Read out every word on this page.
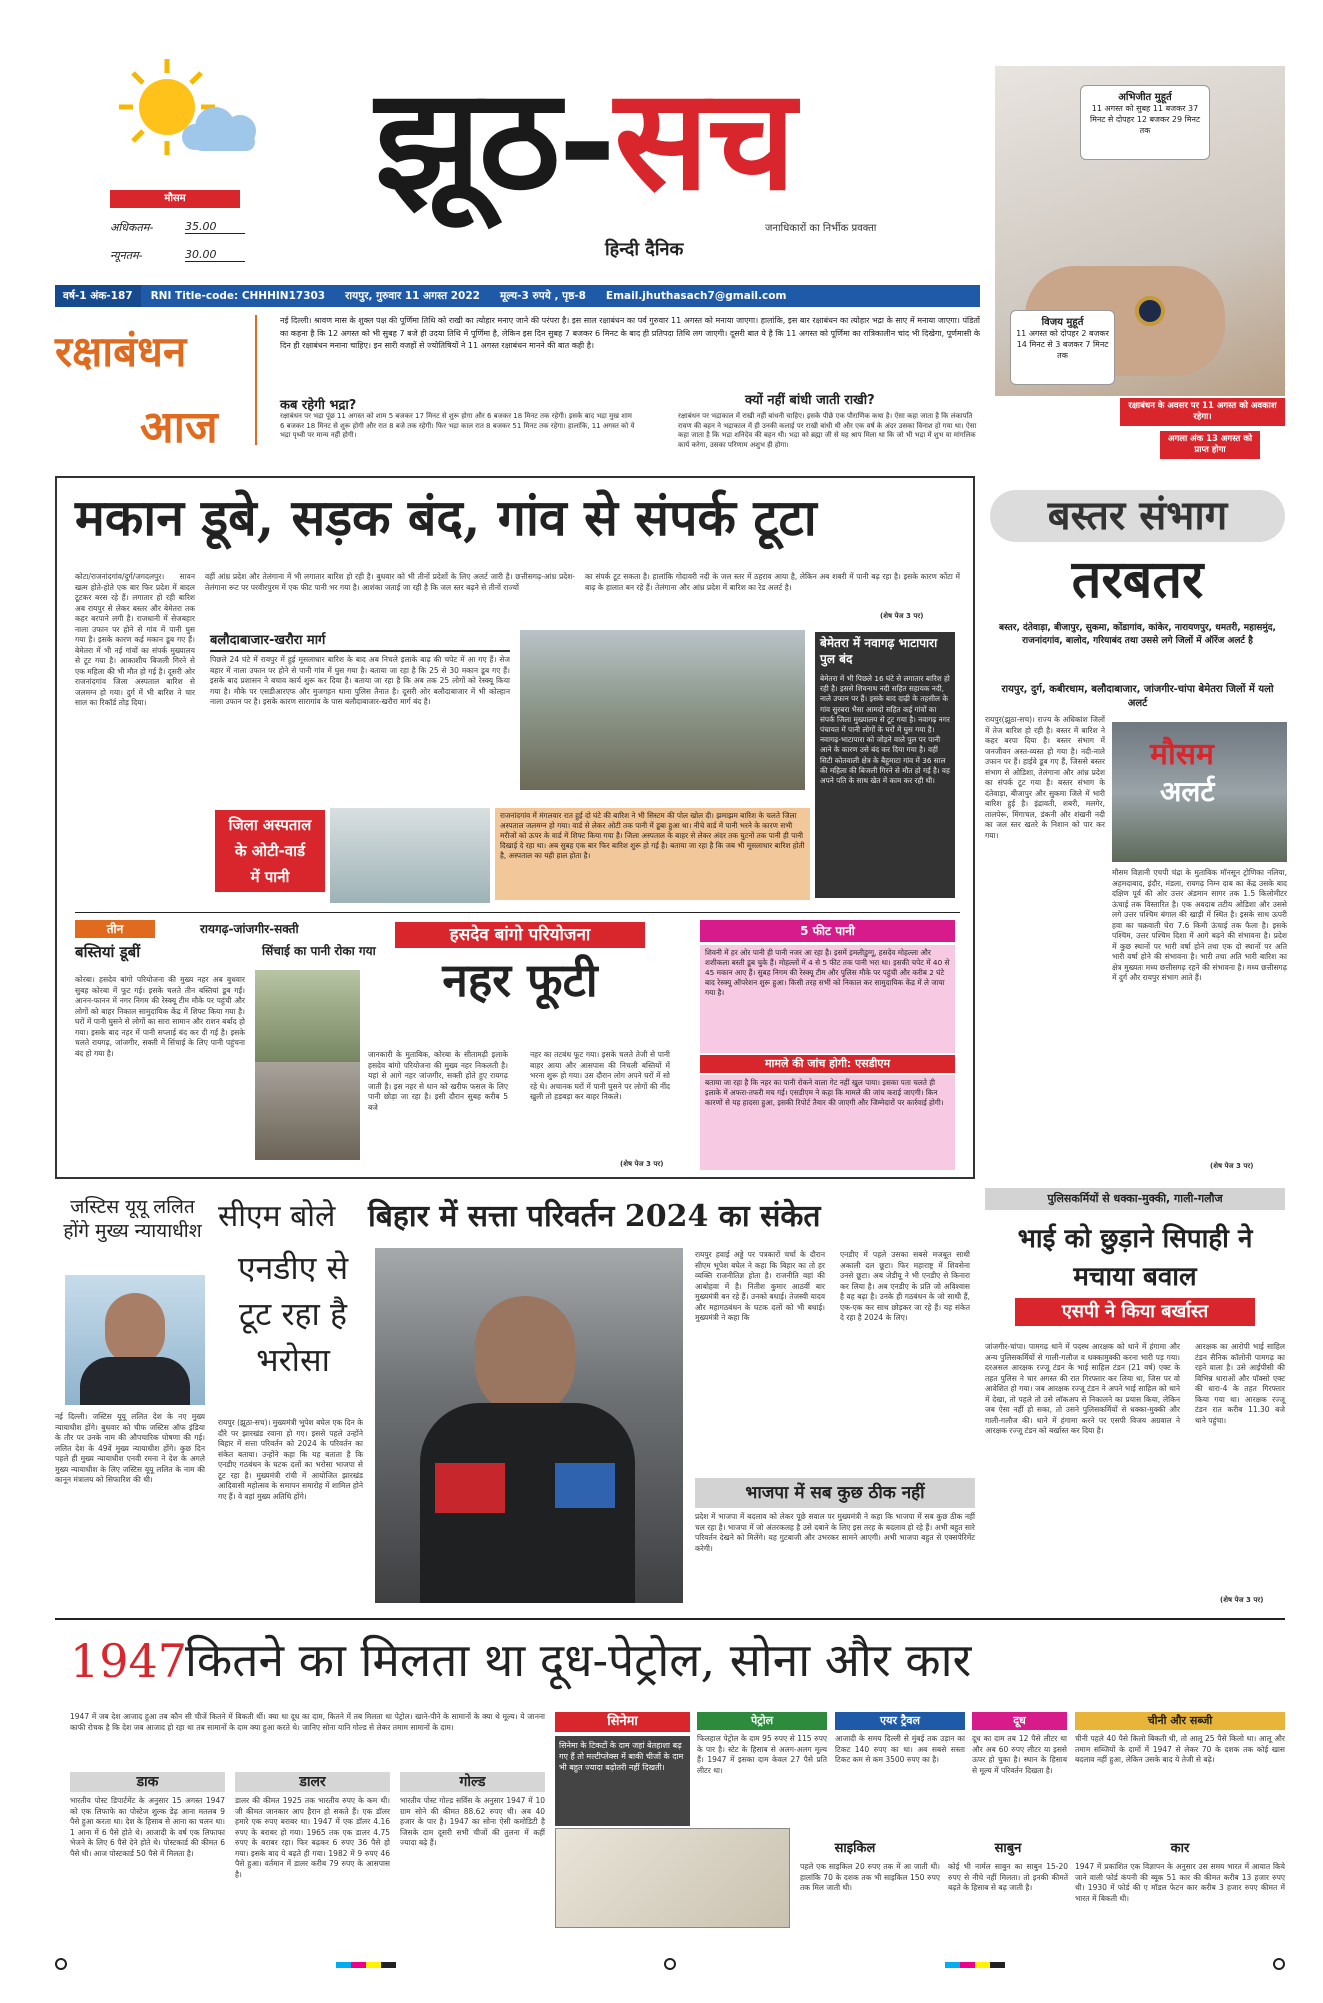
मौसम
अधिकतम-	35.00
न्यूनतम-	30.00
झूठ-सच
हिन्दी दैनिक
जनाधिकारों का निर्भीक प्रवक्ता
अभिजीत मुहूर्त
11 अगस्त को सुबह 11 बजकर 37 मिनट से दोपहर 12 बजकर 29 मिनट तक
विजय मुहूर्त
11 अगस्त को दोपहर 2 बजकर 14 मिनट से 3 बजकर 7 मिनट तक
वर्ष-1 अंक-187	RNI Title-code: CHHHIN17303	रायपुर, गुरुवार 11 अगस्त 2022	मूल्य-3 रुपये , पृष्ठ-8	Email.jhuthasach7@gmail.com
रक्षाबंधन
आज
नई दिल्ली। श्रावण मास के शुक्ल पक्ष की पूर्णिमा तिथि को राखी का त्योहार मनाए जाने की परंपरा है। इस साल रक्षाबंधन का पर्व गुरुवार 11 अगस्त को मनाया जाएगा। हालांकि, इस बार रक्षाबंधन का त्योहार भद्रा के साए में मनाया जाएगा। पंडितों का कहना है कि 12 अगस्त को भी सुबह 7 बजे ही उदया तिथि में पूर्णिमा है, लेकिन इस दिन सुबह 7 बजकर 6 मिनट के बाद ही प्रतिपदा तिथि लग जाएगी। दूसरी बात ये है कि 11 अगस्त को पूर्णिमा का रात्रिकालीन चांद भी दिखेगा, पूर्णमासी के दिन ही रक्षाबंधन मनाना चाहिए। इन सारी वजहों से ज्योतिषियों ने 11 अगस्त रक्षाबंधन मानने की बात कही है।
कब रहेगी भद्रा?
रक्षाबंधन पर भद्रा पूंछ 11 अगस्त को शाम 5 बजकर 17 मिनट से शुरू होगा और 6 बजकर 18 मिनट तक रहेगी। इसके बाद भद्रा मुख शाम 6 बजकर 18 मिनट से शुरू होगी और रात 8 बजे तक रहेगी। फिर भद्रा काल रात 8 बजकर 51 मिनट तक रहेगा। हालांकि, 11 अगस्त को ये भद्रा पृथ्वी पर मान्य नहीं होगी।
क्यों नहीं बांधी जाती राखी?
रक्षाबंधन पर भद्राकाल में राखी नहीं बांधनी चाहिए। इसके पीछे एक पौराणिक कथा है। ऐसा कहा जाता है कि लंकापति रावण की बहन ने भद्राकाल में ही उनकी कलाई पर राखी बांधी थी और एक वर्ष के अंदर उसका विनाश हो गया था। ऐसा कहा जाता है कि भद्रा शनिदेव की बहन थी। भद्रा को ब्रह्मा जी से यह श्राप मिला था कि जो भी भद्रा में शुभ या मांगलिक कार्य करेगा, उसका परिणाम अशुभ ही होगा।
रक्षाबंधन के अवसर पर 11 अगस्त को अवकाश रहेगा।
अगला अंक 13 अगस्त को प्राप्त होगा
मकान डूबे, सड़क बंद, गांव से संपर्क टूटा
कोटा/राजनांदगांव/दुर्ग/जगदलपुर। सावन खत्म होते-होते एक बार फिर प्रदेश में बादल टूटकर बरस रहे हैं। लगातार हो रही बारिश अब रायपुर से लेकर बस्तर और बेमेतरा तक कहर बरपाने लगी है। राजधानी में सेजबहार नाला उफान पर होने से गांव में पानी घुस गया है। इसके कारण कई मकान डूब गए हैं। बेमेतरा में भी नई गांवों का संपर्क मुख्यालय से टूट गया है। आकाशीय बिजली गिरने से एक महिला की भी मौत हो गई है। दूसरी ओर राजनांदगांव जिला अस्पताल बारिश से जलमग्न हो गया। दुर्ग में भी बारिश ने चार साल का रिकॉर्ड तोड़ दिया।
वहीं आंध्र प्रदेश और तेलंगाना में भी लगातार बारिश हो रही है। बुधवार को भी तीनों प्रदेशों के लिए अलर्ट जारी है। छत्तीसगढ़-आंध्र प्रदेश-तेलंगाना रूट पर परवीरपुरम में एक फीट पानी भर गया है। आशंका जताई जा रही है कि जल स्तर बढ़ने से तीनों राज्यों
का संपर्क टूट सकता है। हालांकि गोदावरी नदी के जल स्तर में ठहराव आया है, लेकिन अब शबरी में पानी बढ़ रहा है। इसके कारण कोंटा में बाढ़ के हालात बन रहे हैं। तेलंगाना और आंध्र प्रदेश में बारिश का रेड अलर्ट है।
(शेष पेज 3 पर)
बलौदाबाजार-खरौरा मार्ग
पिछले 24 घंटे में रायपुर में हुई मूसलाधार बारिश के बाद अब निचले इलाके बाढ़ की चपेट में आ गए हैं। सेज बहार में नाला उफान पर होने से पानी गांव में घुस गया है। बताया जा रहा है कि 25 से 30 मकान डूब गए हैं। इसके बाद प्रशासन ने बचाव कार्य शुरू कर दिया है। बताया जा रहा है कि अब तक 25 लोगों को रेस्क्यू किया गया है। मौके पर एसडीआरएफ और मुजगहन थाना पुलिस तैनात है। दूसरी ओर बलौदाबाजार में भी कोल्हान नाला उफान पर है। इसके कारण सारागांव के पास बलौदाबाजार-खरौरा मार्ग बंद है।
बेमेतरा में नवागढ़ भाटापारा पुल बंद
बेमेतरा में भी पिछले 16 घंटे से लगातार बारिश हो रही है। इससे शिवनाथ नदी सहित सहायक नदी, नाले उफान पर हैं। इसके बाद दाढ़ी के तहसील के गांव सुरबरा भैसा आमदो सहित कई गांवों का संपर्क जिला मुख्यालय से टूट गया है। नवागढ़ नगर पंचायत में पानी लोगों के घरों में घुस गया है। नवागढ़-भाटापारा को जोड़ने वाले पुल पर पानी आने के कारण उसे बंद कर दिया गया है। वहीं सिटी कोतवाली क्षेत्र के बैहुमाटा गांव में 36 साल की महिला की बिजली गिरने से मौत हो गई है। वह अपने पति के साथ खेत में काम कर रही थी।
जिला अस्पताल
के ओटी-वार्ड
में पानी
राजनांदगांव में मंगलवार रात हुई दो घंटे की बारिश ने भी सिस्टम की पोल खोल दी। झमाझम बारिश के चलते जिला अस्पताल जलमग्न हो गया। वार्ड से लेकर ओटी तक पानी में डूबा हुआ था। नीचे वार्ड में पानी भरने के कारण सभी मरीजों को ऊपर के वार्ड में शिफ्ट किया गया है। जिला अस्पताल के बाहर से लेकर अंदर तक घुटनों तक पानी ही पानी दिखाई दे रहा था। अब सुबह एक बार फिर बारिश शुरू हो गई है। बताया जा रहा है कि जब भी मूसलाधार बारिश होती है, अस्पताल का यही हाल होता है।
तीन
बस्तियां डूबीं
रायगढ़-जांजगीर-सक्ती
सिंचाई का पानी रोका गया
कोरबा। हसदेव बांगो परियोजना की मुख्य नहर अब बुधवार सुबह कोरबा में फूट गई। इसके चलते तीन बस्तियां डूब गईं। आनन-फानन में नगर निगम की रेस्क्यू टीम मौके पर पहुंची और लोगों को बाहर निकाल सामुदायिक केंद्र में शिफ्ट किया गया है। घरों में पानी घुसने से लोगों का सारा सामान और राशन बर्बाद हो गया। इसके बाद नहर में पानी सप्लाई बंद कर दी गई है। इसके चलते रायगढ़, जांजगीर, सक्ती में सिंचाई के लिए पानी पहुंचना बंद हो गया है।
हसदेव बांगो परियोजना
नहर फूटी
जानकारी के मुताबिक, कोरबा के सीतामढ़ी इलाके हसदेव बांगो परियोजना की मुख्य नहर निकलती है। यहां से आगे नहर जांजगीर, सक्ती होते हुए रायगढ़ जाती है। इस नहर से धान को खरीफ फसल के लिए पानी छोड़ा जा रहा है। इसी दौरान सुबह करीब 5 बजे
नहर का तटबंध फूट गया। इसके चलते तेजी से पानी बाहर आया और आसपास की निचली बस्तियों में भरना शुरू हो गया। उस दौरान लोग अपने घरों में सो रहे थे। अचानक घरों में पानी घुसने पर लोगों की नींद खुली तो हड़बड़ा कर बाहर निकले।
(शेष पेज 3 पर)
5 फीट पानी
शिवनी में हर ओर पानी ही पानी नजर आ रहा है। इसमें इमलीडुग्गू, हसदेव मोहल्ला और शशीकला बस्ती डूब चुके हैं। मोहल्लों में 4 से 5 फीट तक पानी भरा था। इसकी चपेट में 40 से 45 मकान आए हैं। सुबह निगम की रेस्क्यू टीम और पुलिस मौके पर पहुंची और करीब 2 घंटे बाद रेस्क्यू ऑपरेशन शुरू हुआ। किसी तरह सभी को निकाल कर सामुदायिक केंद्र में ले जाया गया है।
मामले की जांच होगी: एसडीएम
बताया जा रहा है कि नहर का पानी रोकने वाला गेट नहीं खुल पाया। इसका पता चलते ही इलाके में अफरा-तफरी मच गई। एसडीएम ने कहा कि मामले की जांच कराई जाएगी। किन कारणों से यह हादसा हुआ, इसकी रिपोर्ट तैयार की जाएगी और जिम्मेदारों पर कार्रवाई होगी।
बस्तर संभाग
तरबतर
बस्तर, दंतेवाड़ा, बीजापुर, सुकमा, कोंडागांव, कांकेर, नारायणपुर, धमतरी, महासमुंद, राजनांदगांव, बालोद, गरियाबंद तथा उससे लगे जिलों में ऑरेंज अलर्ट है
रायपुर, दुर्ग, कबीरधाम, बलौदाबाजार, जांजगीर-चांपा बेमेतरा जिलों में यलो अलर्ट
रायपुर(झूठा-सच)। राज्य के अधिकांश जिलों में तेज बारिश हो रही है। बस्तर में बारिश ने कहर बरपा दिया है। बस्तर संभाग में जनजीवन अस्त-व्यस्त हो गया है। नदी-नाले उफान पर हैं। हाईवे डूब गए हैं, जिससे बस्तर संभाग से ओडिशा, तेलंगाना और आंध्र प्रदेश का संपर्क टूट गया है। बस्तर संभाग के दंतेवाड़ा, बीजापुर और सुकमा जिले में भारी बारिश हुई है। इंद्रावती, शबरी, मलगेर, तालपेरू, मिंगाचल, डंकनी और शंखनी नदी का जल स्तर खतरे के निशान को पार कर गया।
मौसम
अलर्ट
मौसम विज्ञानी एचपी चंद्रा के मुताबिक मॉनसून ट्रोणिका नलिया, अहमदाबाद, इंदौर, मंडला, रायगढ़ निम्न दाब का केंद्र उसके बाद दक्षिण पूर्व की ओर उत्तर अंडमान सागर तक 1.5 किलोमीटर ऊंचाई तक विस्तारित है। एक अवदाब तटीय ओडिशा और उससे लगे उत्तर पश्चिम बंगाल की खाड़ी में स्थित है। इसके साथ ऊपरी हवा का चक्रवाती घेरा 7.6 किमी ऊंचाई तक फैला है। इसके पश्चिम, उत्तर पश्चिम दिशा में आगे बढ़ने की संभावना है। प्रदेश में कुछ स्थानों पर भारी वर्षा होने तथा एक दो स्थानों पर अति भारी वर्षा होने की संभावना है। भारी तथा अति भारी बारिश का क्षेत्र मुख्यतः मध्य छत्तीसगढ़ रहने की संभावना है। मध्य छत्तीसगढ़ में दुर्ग और रायपुर संभाग आते हैं।
(शेष पेज 3 पर)
जस्टिस यूयू ललित होंगे मुख्य न्यायाधीश
नई दिल्ली। जस्टिस यूयू ललित देश के नए मुख्य न्यायाधीश होंगे। बुधवार को चीफ जस्टिस ऑफ इंडिया के तौर पर उनके नाम की औपचारिक घोषणा की गई। ललित देश के 49वें मुख्य न्यायाधीश होंगे। कुछ दिन पहले ही मुख्य न्यायाधीश एनवी रमना ने देश के अगले मुख्य न्यायाधीश के लिए जस्टिस यूयू ललित के नाम की कानून मंत्रालय को सिफारिश की थी।
सीएम बोले बिहार में सत्ता परिवर्तन 2024 का संकेत
एनडीए से टूट रहा है भरोसा
रायपुर (झूठा-सच)। मुख्यमंत्री भूपेश बघेल एक दिन के दौरे पर झारखंड रवाना हो गए। इससे पहले उन्होंने बिहार में सत्ता परिवर्तन को 2024 के परिवर्तन का संकेत बताया। उन्होंने कहा कि यह बताता है कि एनडीए गठबंधन के घटक दलों का भरोसा भाजपा से टूट रहा है। मुख्यमंत्री रांची में आयोजित झारखंड आदिवासी महोत्सव के समापन समारोह में शामिल होने गए हैं। वे वहां मुख्य अतिथि होंगे।
रायपुर हवाई अड्डे पर पत्रकारों चर्चा के दौरान सीएम भूपेश बघेल ने कहा कि बिहार का तो हर व्यक्ति राजनीतिज्ञ होता है। राजनीति वहां की आबोहवा में है। नितीश कुमार आठवीं बार मुख्यमंत्री बन रहे हैं। उनको बधाई। तेजस्वी यादव और महागठबंधन के घटक दलों को भी बधाई। मुख्यमंत्री ने कहा कि
एनडीए में पहले उसका सबसे मजबूत साथी अकाली दल छूटा। फिर महाराष्ट्र में शिवसेना उनसे छूटा। अब जेडीयू ने भी एनडीए से किनारा कर लिया है। अब एनडीए के प्रति जो अविश्वास है वह बढ़ा है। उनके ही गठबंधन के जो साथी हैं, एक-एक कर साथ छोड़कर जा रहे हैं। यह संकेत दे रहा है 2024 के लिए।
भाजपा में सब कुछ ठीक नहीं
प्रदेश में भाजपा में बदलाव को लेकर पूछे सवाल पर मुख्यमंत्री ने कहा कि भाजपा में सब कुछ ठीक नहीं चल रहा है। भाजपा में जो अंतरकलह है उसे दबाने के लिए इस तरह के बदलाव हो रहे हैं। अभी बहुत सारे परिवर्तन देखने को मिलेंगे। यह गुटबाजी और उभरकर सामने आएगी। अभी भाजपा बहुत से एक्सपेरिमेंट करेगी।
पुलिसकर्मियों से धक्का-मुक्की, गाली-गलौज
भाई को छुड़ाने सिपाही ने मचाया बवाल
एसपी ने किया बर्खास्त
जांजगीर-चांपा। पामगढ़ थाने में पदस्थ आरक्षक को थाने में हंगामा और अन्य पुलिसकर्मियों से गाली-गलौज व धक्कामुक्की करना भारी पड़ गया। दरअसल आरक्षक रज्जू टंडन के भाई साहिल टंडन (21 वर्ष) एक्ट के तहत पुलिस ने चार अगस्त की रात गिरफ्तार कर लिया था, जिस पर वो आवेशित हो गया। जब आरक्षक रज्जू टंडन ने अपने भाई साहिल को थाने में देखा, तो पहले तो उसे लॉकअप से निकालने का प्रयास किया, लेकिन जब ऐसा नहीं हो सका, तो उसने पुलिसकर्मियों से धक्का-मुक्की और गाली-गलौज की। थाने में हंगामा करने पर एसपी विजय अग्रवाल ने आरक्षक रज्जू टंडन को बर्खास्त कर दिया है।
आरक्षक का आरोपी भाई साहिल टंडन सैनिक कॉलोनी पामगढ़ का रहने वाला है। उसे आईपीसी की विभिन्न धाराओं और पॉक्सो एक्ट की धारा-4 के तहत गिरफ्तार किया गया था। आरक्षक रज्जू टंडन रात करीब 11.30 बजे थाने पहुंचा।
(शेष पेज 3 पर)
1947
कितने का मिलता था दूध-पेट्रोल, सोना और कार
1947 में जब देश आजाद हुआ तब कौन सी चीजें कितने में बिकती थीं। क्या था दूध का दाम, कितने में तब मिलता था पेट्रोल। खाने-पीने के सामानों के क्या थे मूल्य। ये जानना काफी रोचक है कि देश जब आजाद हो रहा था तब सामानों के दाम क्या हुआ करते थे। जानिए सोना यानि गोल्ड से लेकर तमाम सामानों के दाम।
डाक
भारतीय पोस्ट डिपार्टमेंट के अनुसार 15 अगस्त 1947 को एक लिफाफे का पोस्टेज शुल्क डेढ़ आना मतलब 9 पैसे हुआ करता था। देश के हिसाब से आना का चलन था। 1 आना में 6 पैसे होते थे। आजादी के वर्ष एक लिफाफा भेजने के लिए 6 पैसे देने होते थे। पोस्टकार्ड की कीमत 6 पैसे थी। आज पोस्टकार्ड 50 पैसे में मिलता है।
डालर
डालर की कीमत 1925 तक भारतीय रुपए के कम थी। जी कीमत जानकार आप हैरान हो सकते हैं। एक डॉलर हमारे एक रुपए बराबर था। 1947 में एक डॉलर 4.16 रुपए के बराबर हो गया। 1965 तक एक डालर 4.75 रुपए के बराबर रहा। फिर बढ़कर 6 रुपए 36 पैसे हो गया। इसके बाद ये बढ़ते ही गया। 1982 में 9 रुपए 46 पैसे हुआ। वर्तमान में डालर करीब 79 रुपए के आसपास है।
गोल्ड
भारतीय पोस्ट गोल्ड सर्विस के अनुसार 1947 में 10 ग्राम सोने की कीमत 88.62 रुपए थी। अब 40 हजार के पार है। 1947 का सोना ऐसी कमोडिटी है जिसके दाम दूसरी सभी चीजों की तुलना में कहीं ज्यादा बढ़े हैं।
सिनेमा
सिनेमा के टिकटों के दाम जहां बेतहाशा बढ़ गए हैं तो मल्टीप्लेक्स में बाकी चीजों के दाम भी बहुत ज्यादा बढ़ोतरी नहीं दिखती।
पेट्रोल
फिलहाल पेट्रोल के दाम 95 रुपए से 115 रुपए के पार है। स्टेट के हिसाब से अलग-अलग मूल्य हैं। 1947 में इसका दाम केवल 27 पैसे प्रति लीटर था।
एयर ट्रैवल
आजादी के समय दिल्ली से मुंबई तक उड़ान का टिकट 140 रुपए का था। अब सबसे सस्ता टिकट कम से कम 3500 रुपए का है।
दूध
दूध का दाम तब 12 पैसे लीटर था और अब 60 रुपए लीटर या इससे ऊपर हो चुका है। स्थान के हिसाब से मूल्य में परिवर्तन दिखता है।
चीनी और सब्जी
चीनी पहले 40 पैसे किलो बिकती थी, तो आलू 25 पैसे किलो था। आलू और तमाम सब्जियों के दामों में 1947 से लेकर 70 के दशक तक कोई खास बदलाव नहीं हुआ, लेकिन उसके बाद ये तेजी से बढ़े।
साइकिल
पहले एक साइकिल 20 रुपए तक में आ जाती थी। हालांकि 70 के दशक तक भी साइकिल 150 रुपए तक मिल जाती थी।
साबुन
कोई भी नार्मल साबुन का साबुन 15-20 रुपए से नीचे नहीं मिलता। तो इनकी कीमतें बढ़ते के हिसाब से बढ़ जाती है।
कार
1947 में प्रकाशित एक विज्ञापन के अनुसार उस समय भारत में आयात किये जाने वाली फोर्ड कंपनी की ब्यूक 51 कार की कीमत करीब 13 हजार रुपए थी। 1930 में फोर्ड की ए मॉडल फेटन कार करीब 3 हजार रुपए कीमत में भारत में बिकती थी।
